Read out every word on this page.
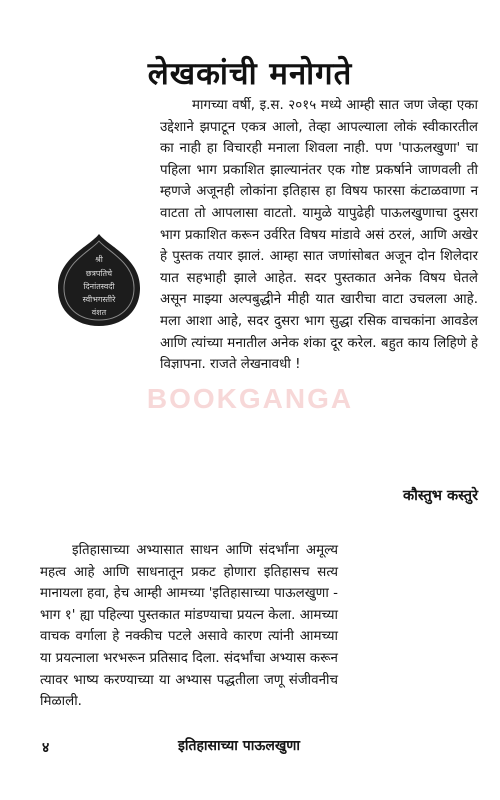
लेखकांची मनोगते
श्री
छत्रपतिचे
दिनांतस्वदी
स्वीभगस्तीरे
वंशत

मागच्या वर्षी, इ.स. २०१५ मध्ये आम्ही सात जण जेव्हा एका उद्देशाने झपाटून एकत्र आलो, तेव्हा आपल्याला लोकं स्वीकारतील का नाही हा विचारही मनाला शिवला नाही. पण 'पाऊलखुणा' चा पहिला भाग प्रकाशित झाल्यानंतर एक गोष्ट प्रकर्षाने जाणवली ती म्हणजे अजूनही लोकांना इतिहास हा विषय फारसा कंटाळवाणा न वाटता तो आपलासा वाटतो. यामुळे यापुढेही पाऊलखुणाचा दुसरा भाग प्रकाशित करून उर्वरित विषय मांडावे असं ठरलं, आणि अखेर हे पुस्तक तयार झालं. आम्हा सात जणांसोबत अजून दोन शिलेदार यात सहभाही झाले आहेत. सदर पुस्तकात अनेक विषय घेतले असून माझ्या अल्पबुद्धीने मीही यात खारीचा वाटा उचलला आहे. मला आशा आहे, सदर दुसरा भाग सुद्धा रसिक वाचकांना आवडेल आणि त्यांच्या मनातील अनेक शंका दूर करेल. बहुत काय लिहिणे हे विज्ञापना. राजते लेखनावधी !

BOOKGANGA
कौस्तुभ कस्तुरे

इतिहासाच्या अभ्यासात साधन आणि संदर्भांना अमूल्य महत्व आहे आणि साधनातून प्रकट होणारा इतिहासच सत्य मानायला हवा, हेच आम्ही आमच्या 'इतिहासाच्या पाऊलखुणा - भाग १' ह्या पहिल्या पुस्तकात मांडण्याचा प्रयत्न केला. आमच्या वाचक वर्गाला हे नक्कीच पटले असावे कारण त्यांनी आमच्या या प्रयत्नाला भरभरून प्रतिसाद दिला. संदर्भांचा अभ्यास करून त्यावर भाष्य करण्याच्या या अभ्यास पद्धतीला जणू संजीवनीच मिळाली.

४	इतिहासाच्या पाऊलखुणा
